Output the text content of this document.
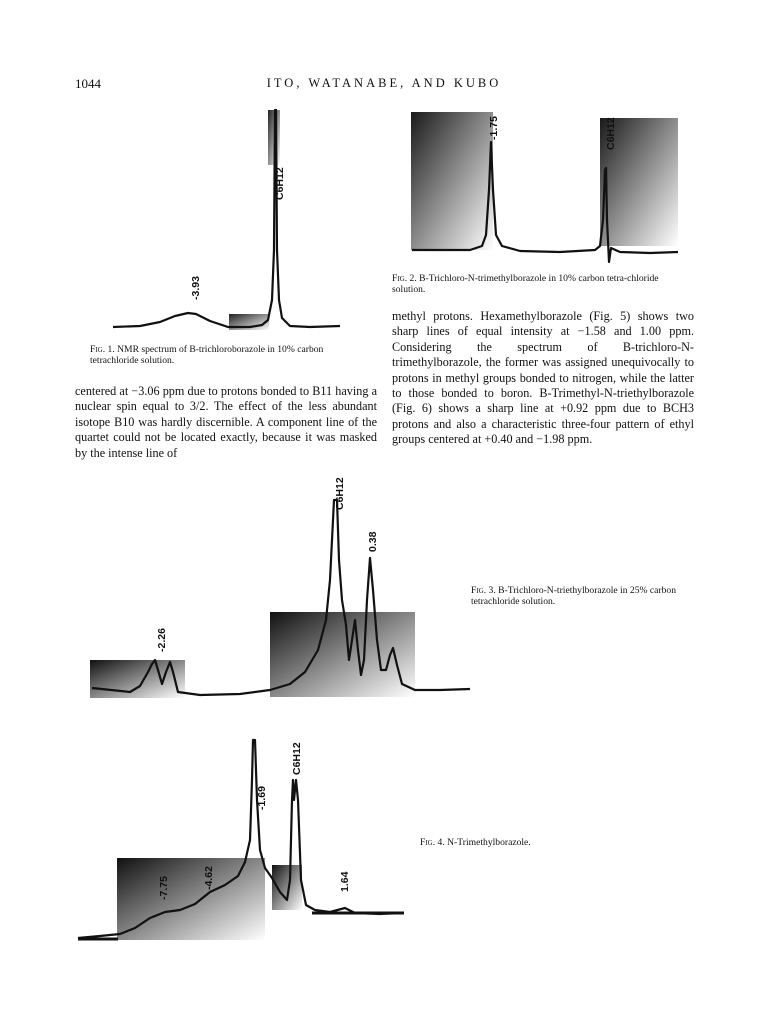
1044	ITO, WATANABE, AND KUBO
-3.93
C6H12
Fig. 1. NMR spectrum of B-trichloroborazole in 10% carbon tetrachloride solution.
-1.75	C6H12
Fig. 2. B-Trichloro-N-trimethylborazole in 10% carbon tetra-chloride solution.

centered at −3.06 ppm due to protons bonded to B11 having a nuclear spin equal to 3/2. The effect of the less abundant isotope B10 was hardly discernible. A component line of the quartet could not be located exactly, because it was masked by the intense line of

methyl protons. Hexamethylborazole (Fig. 5) shows two sharp lines of equal intensity at −1.58 and 1.00 ppm. Considering the spectrum of B-trichloro-N-trimethylborazole, the former was assigned unequivocally to protons in methyl groups bonded to nitrogen, while the latter to those bonded to boron. B-Trimethyl-N-triethylborazole (Fig. 6) shows a sharp line at +0.92 ppm due to BCH3 protons and also a characteristic three-four pattern of ethyl groups centered at +0.40 and −1.98 ppm.

-2.26
C6H12
0.38
Fig. 3. B-Trichloro-N-triethylborazole in 25% carbon tetrachloride solution.
-7.75	-4.62
-1.69
C6H12
1.64
Fig. 4. N-Trimethylborazole.
